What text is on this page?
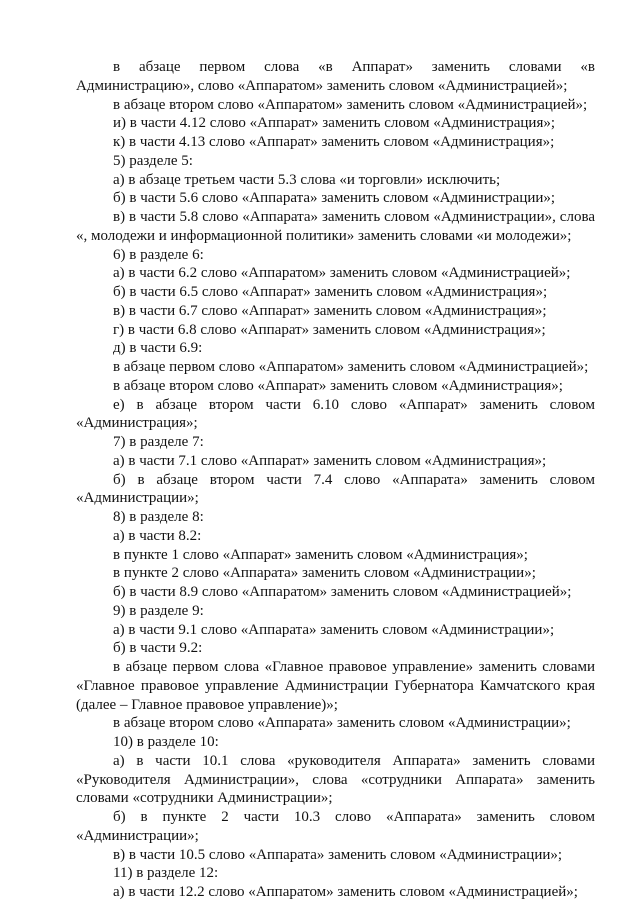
в абзаце первом слова «в Аппарат» заменить словами «в Администрацию», слово «Аппаратом» заменить словом «Администрацией»;

в абзаце втором слово «Аппаратом» заменить словом «Администрацией»;

и) в части 4.12 слово «Аппарат» заменить словом «Администрация»;

к) в части 4.13 слово «Аппарат» заменить словом «Администрация»;

5) разделе 5:

а) в абзаце третьем части 5.3 слова «и торговли» исключить;

б) в части 5.6 слово «Аппарата» заменить словом «Администрации»;

в) в части 5.8 слово «Аппарата» заменить словом «Администрации», слова «, молодежи и информационной политики» заменить словами «и молодежи»;

6) в разделе 6:

а) в части 6.2 слово «Аппаратом» заменить словом «Администрацией»;

б) в части 6.5 слово «Аппарат» заменить словом «Администрация»;

в) в части 6.7 слово «Аппарат» заменить словом «Администрация»;

г) в части 6.8 слово «Аппарат» заменить словом «Администрация»;

д) в части 6.9:

в абзаце первом слово «Аппаратом» заменить словом «Администрацией»;

в абзаце втором слово «Аппарат» заменить словом «Администрация»;

е) в абзаце втором части 6.10 слово «Аппарат» заменить словом «Администрация»;

7) в разделе 7:

а) в части 7.1 слово «Аппарат» заменить словом «Администрация»;

б) в абзаце втором части 7.4 слово «Аппарата» заменить словом «Администрации»;

8) в разделе 8:

а) в части 8.2:

в пункте 1 слово «Аппарат» заменить словом «Администрация»;

в пункте 2 слово «Аппарата» заменить словом «Администрации»;

б) в части 8.9 слово «Аппаратом» заменить словом «Администрацией»;

9) в разделе 9:

а) в части 9.1 слово «Аппарата» заменить словом «Администрации»;

б) в части 9.2:

в абзаце первом слова «Главное правовое управление» заменить словами «Главное правовое управление Администрации Губернатора Камчатского края (далее – Главное правовое управление)»;

в абзаце втором слово «Аппарата» заменить словом «Администрации»;

10) в разделе 10:

а) в части 10.1 слова «руководителя Аппарата» заменить словами «Руководителя Администрации», слова «сотрудники Аппарата» заменить словами «сотрудники Администрации»;

б) в пункте 2 части 10.3 слово «Аппарата» заменить словом «Администрации»;

в) в части 10.5 слово «Аппарата» заменить словом «Администрации»;

11) в разделе 12:

а) в части 12.2 слово «Аппаратом» заменить словом «Администрацией»;
